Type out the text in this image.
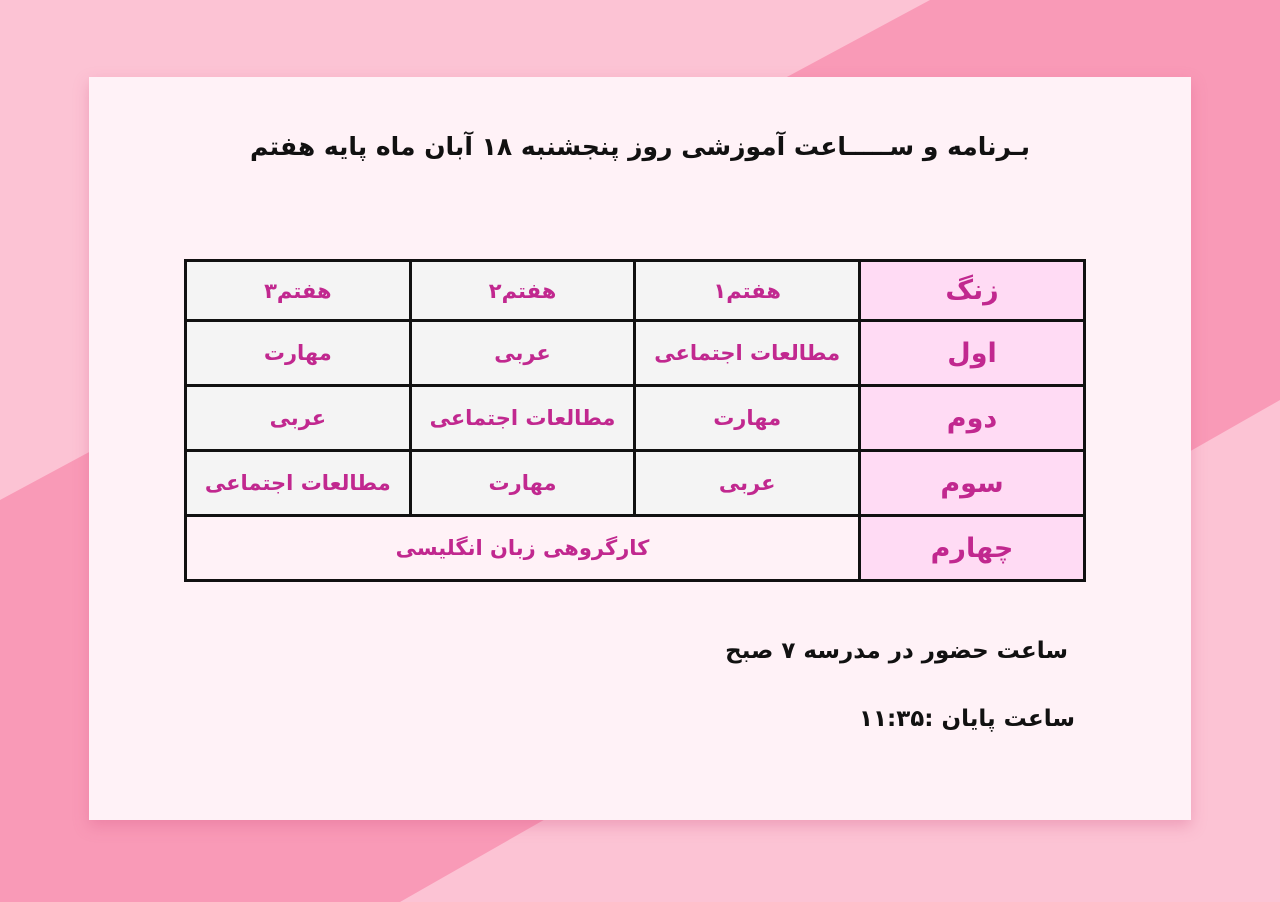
بـرنامه و ســـــاعت آموزشی روز پنجشنبه ۱۸ آبان ماه پایه هفتم
زنگ	هفتم۱	هفتم۲	هفتم۳
اول	مطالعات اجتماعی	عربی	مهارت
دوم	مهارت	مطالعات اجتماعی	عربی
سوم	عربی	مهارت	مطالعات اجتماعی
چهارم	کارگروهی زبان انگلیسی		
ساعت حضور در مدرسه ۷ صبح
ساعت پایان :۱۱:۳۵
